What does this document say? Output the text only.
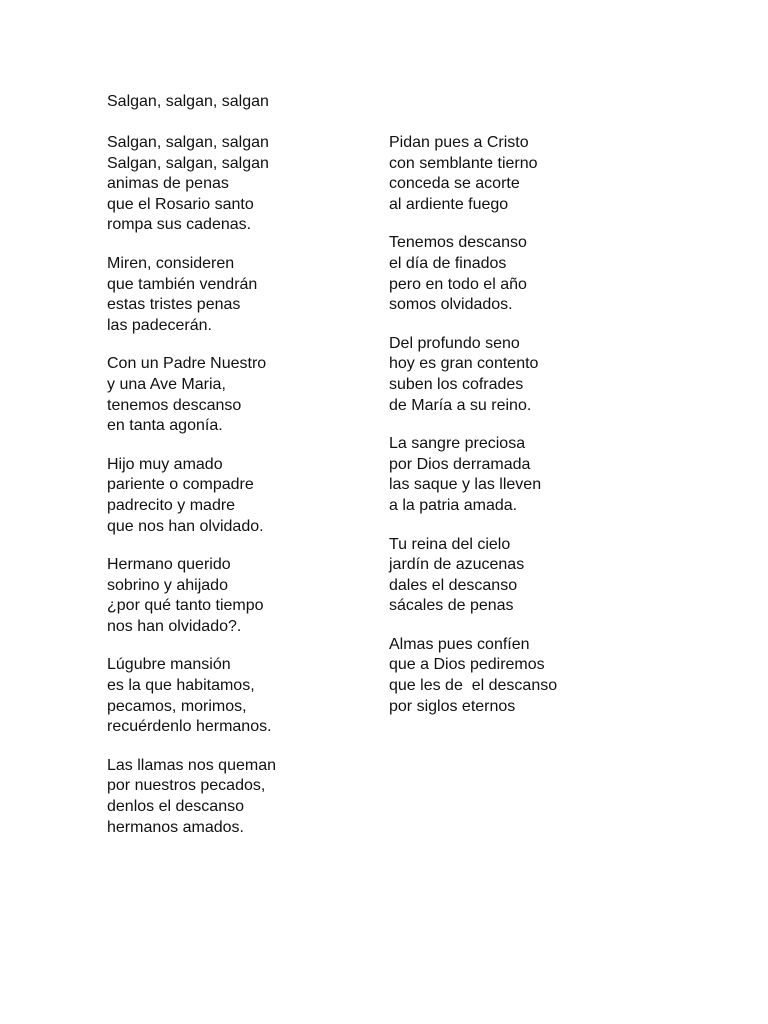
Salgan, salgan, salgan
Salgan, salgan, salgan
Salgan, salgan, salgan
animas de penas
que el Rosario santo
rompa sus cadenas.
Miren, consideren
que también vendrán
estas tristes penas
las padecerán.
Con un Padre Nuestro
y una Ave Maria,
tenemos descanso
en tanta agonía.
Hijo muy amado
pariente o compadre
padrecito y madre
que nos han olvidado.
Hermano querido
sobrino y ahijado
¿por qué tanto tiempo
nos han olvidado?.
Lúgubre mansión
es la que habitamos,
pecamos, morimos,
recuérdenlo hermanos.
Las llamas nos queman
por nuestros pecados,
denlos el descanso
hermanos amados.
Pidan pues a Cristo
con semblante tierno
conceda se acorte
al ardiente fuego
Tenemos descanso
el día de finados
pero en todo el año
somos olvidados.
Del profundo seno
hoy es gran contento
suben los cofrades
de María a su reino.
La sangre preciosa
por Dios derramada
las saque y las lleven
a la patria amada.
Tu reina del cielo
jardín de azucenas
dales el descanso
sácales de penas
Almas pues confíen
que a Dios pediremos
que les de  el descanso
por siglos eternos
